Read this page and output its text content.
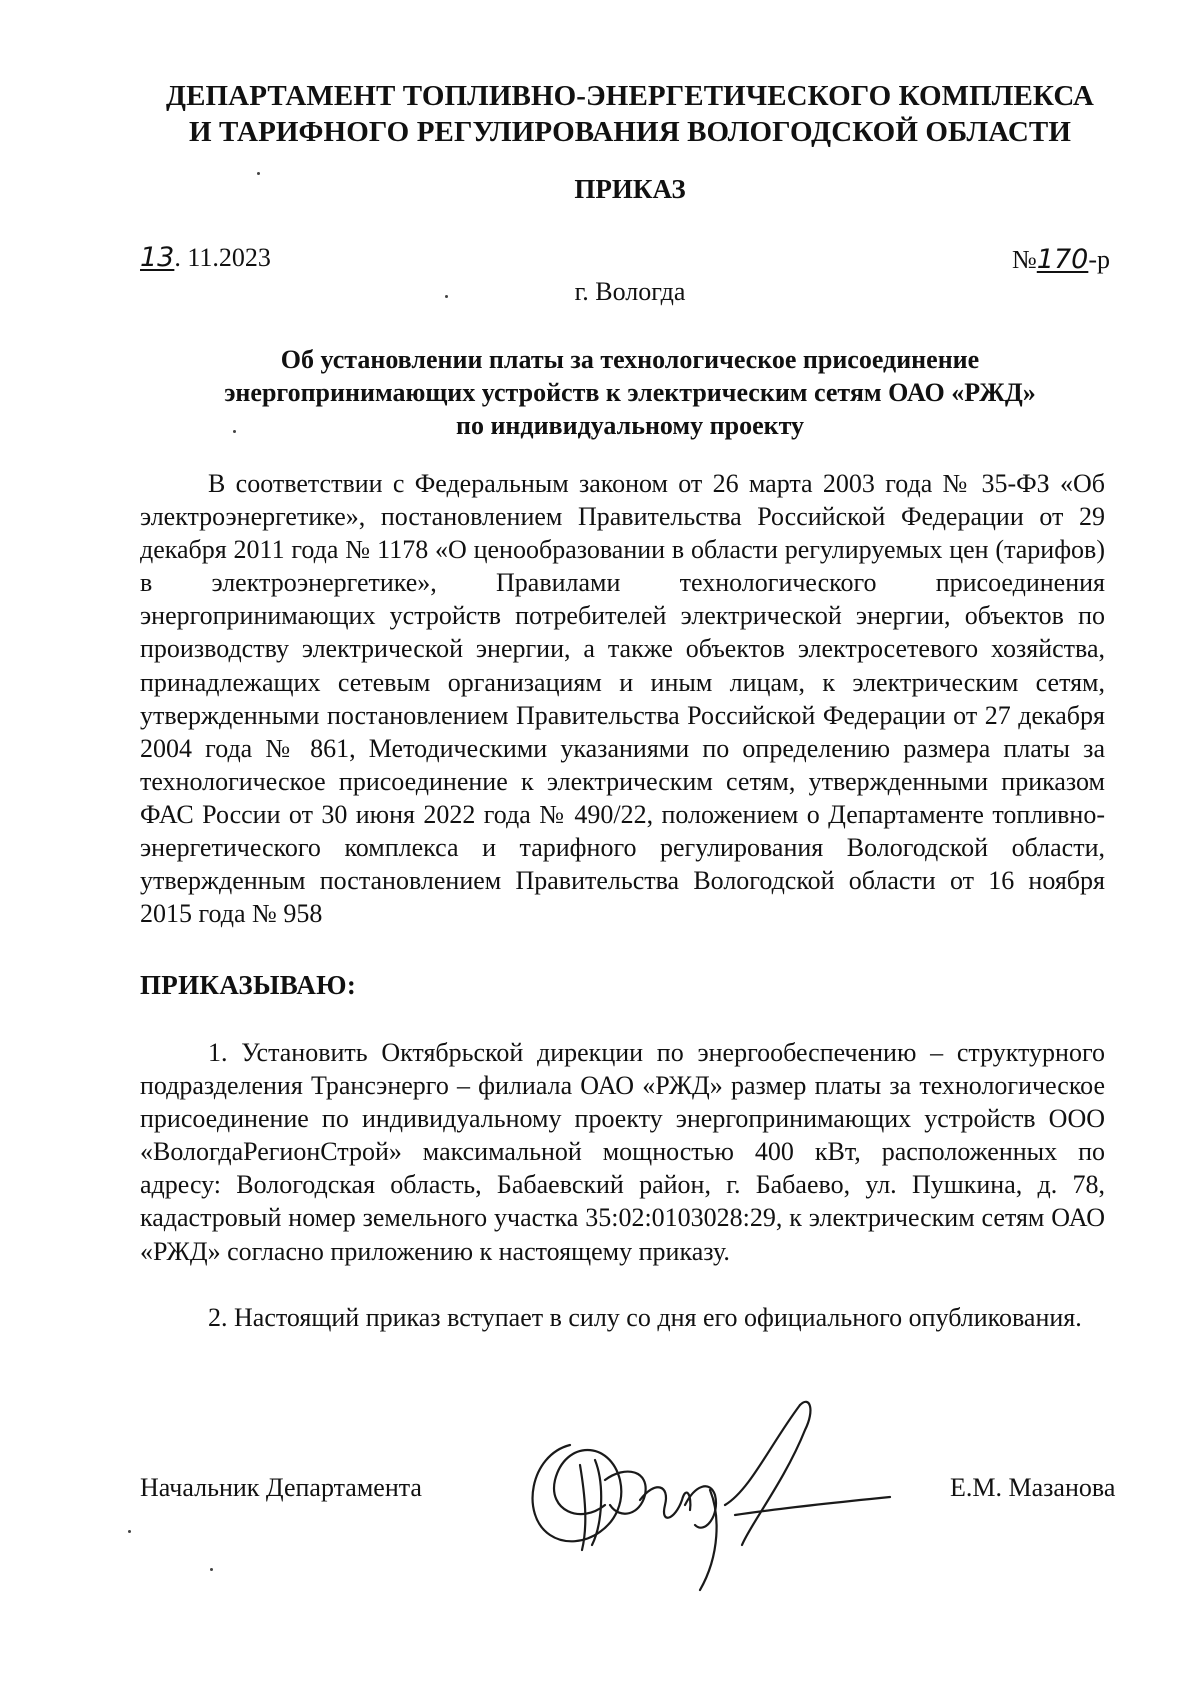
ДЕПАРТАМЕНТ ТОПЛИВНО-ЭНЕРГЕТИЧЕСКОГО КОМПЛЕКСА
И ТАРИФНОГО РЕГУЛИРОВАНИЯ ВОЛОГОДСКОЙ ОБЛАСТИ
ПРИКАЗ
13. 11.2023	№170-р
г. Вологда
Об установлении платы за технологическое присоединение
энергопринимающих устройств к электрическим сетям ОАО «РЖД»
по индивидуальному проекту

В соответствии с Федеральным законом от 26 марта 2003 года № 35-ФЗ «Об электроэнергетике», постановлением Правительства Российской Федерации от 29 декабря 2011 года № 1178 «О ценообразовании в области регулируемых цен (тарифов) в электроэнергетике», Правилами технологического присоединения энергопринимающих устройств потребителей электрической энергии, объектов по производству электрической энергии, а также объектов электросетевого хозяйства, принадлежащих сетевым организациям и иным лицам, к электрическим сетям, утвержденными постановлением Правительства Российской Федерации от 27 декабря 2004 года № 861, Методическими указаниями по определению размера платы за технологическое присоединение к электрическим сетям, утвержденными приказом ФАС России от 30 июня 2022 года № 490/22, положением о Департаменте топливно-энергетического комплекса и тарифного регулирования Вологодской области, утвержденным постановлением Правительства Вологодской области от 16 ноября 2015 года № 958

ПРИКАЗЫВАЮ:

1. Установить Октябрьской дирекции по энергообеспечению – структурного подразделения Трансэнерго – филиала ОАО «РЖД» размер платы за технологическое присоединение по индивидуальному проекту энергопринимающих устройств ООО «ВологдаРегионСтрой» максимальной мощностью 400 кВт, расположенных по адресу: Вологодская область, Бабаевский район, г. Бабаево, ул. Пушкина, д. 78, кадастровый номер земельного участка 35:02:0103028:29, к электрическим сетям ОАО «РЖД» согласно приложению к настоящему приказу.

2. Настоящий приказ вступает в силу со дня его официального опубликования.

Начальник Департамента	Е.М. Мазанова
